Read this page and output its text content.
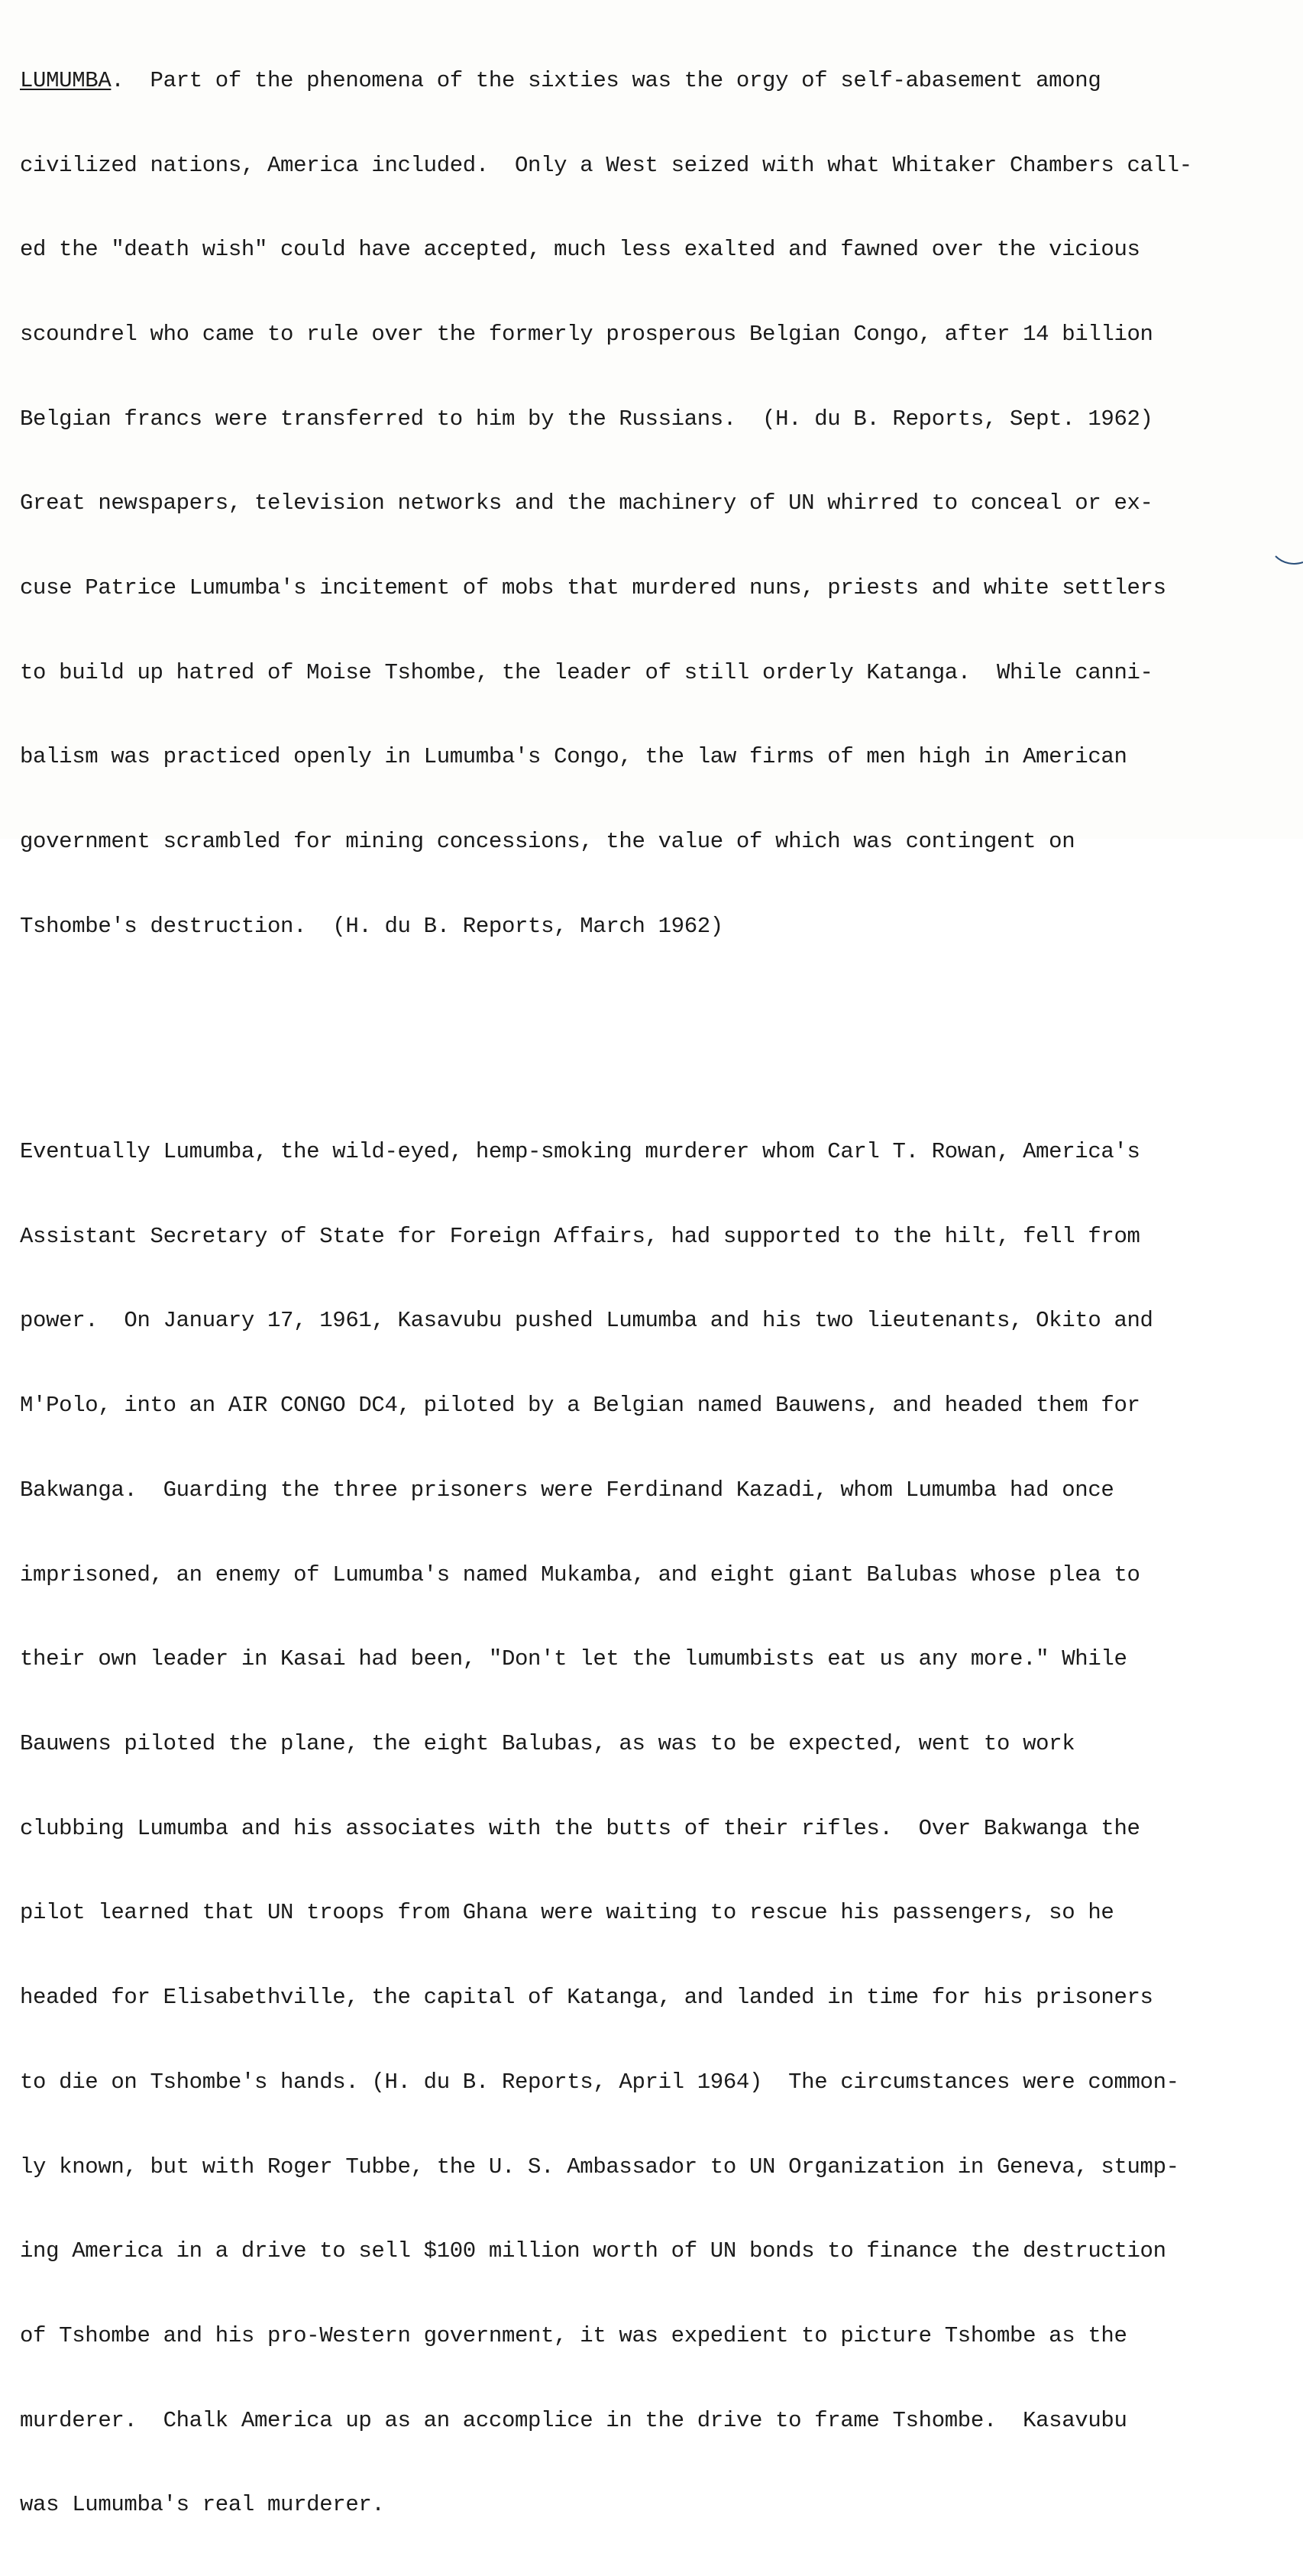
LUMUMBA.  Part of the phenomena of the sixties was the orgy of self-abasement among

civilized nations, America included.  Only a West seized with what Whitaker Chambers call-

ed the "death wish" could have accepted, much less exalted and fawned over the vicious

scoundrel who came to rule over the formerly prosperous Belgian Congo, after 14 billion

Belgian francs were transferred to him by the Russians.  (H. du B. Reports, Sept. 1962)

Great newspapers, television networks and the machinery of UN whirred to conceal or ex-

cuse Patrice Lumumba's incitement of mobs that murdered nuns, priests and white settlers

to build up hatred of Moise Tshombe, the leader of still orderly Katanga.  While canni-

balism was practiced openly in Lumumba's Congo, the law firms of men high in American

government scrambled for mining concessions, the value of which was contingent on

Tshombe's destruction.  (H. du B. Reports, March 1962)

Eventually Lumumba, the wild-eyed, hemp-smoking murderer whom Carl T. Rowan, America's

Assistant Secretary of State for Foreign Affairs, had supported to the hilt, fell from

power.  On January 17, 1961, Kasavubu pushed Lumumba and his two lieutenants, Okito and

M'Polo, into an AIR CONGO DC4, piloted by a Belgian named Bauwens, and headed them for

Bakwanga.  Guarding the three prisoners were Ferdinand Kazadi, whom Lumumba had once

imprisoned, an enemy of Lumumba's named Mukamba, and eight giant Balubas whose plea to

their own leader in Kasai had been, "Don't let the lumumbists eat us any more." While

Bauwens piloted the plane, the eight Balubas, as was to be expected, went to work

clubbing Lumumba and his associates with the butts of their rifles.  Over Bakwanga the

pilot learned that UN troops from Ghana were waiting to rescue his passengers, so he

headed for Elisabethville, the capital of Katanga, and landed in time for his prisoners

to die on Tshombe's hands. (H. du B. Reports, April 1964)  The circumstances were common-

ly known, but with Roger Tubbe, the U. S. Ambassador to UN Organization in Geneva, stump-

ing America in a drive to sell $100 million worth of UN bonds to finance the destruction

of Tshombe and his pro-Western government, it was expedient to picture Tshombe as the

murderer.  Chalk America up as an accomplice in the drive to frame Tshombe.  Kasavubu

was Lumumba's real murderer.
